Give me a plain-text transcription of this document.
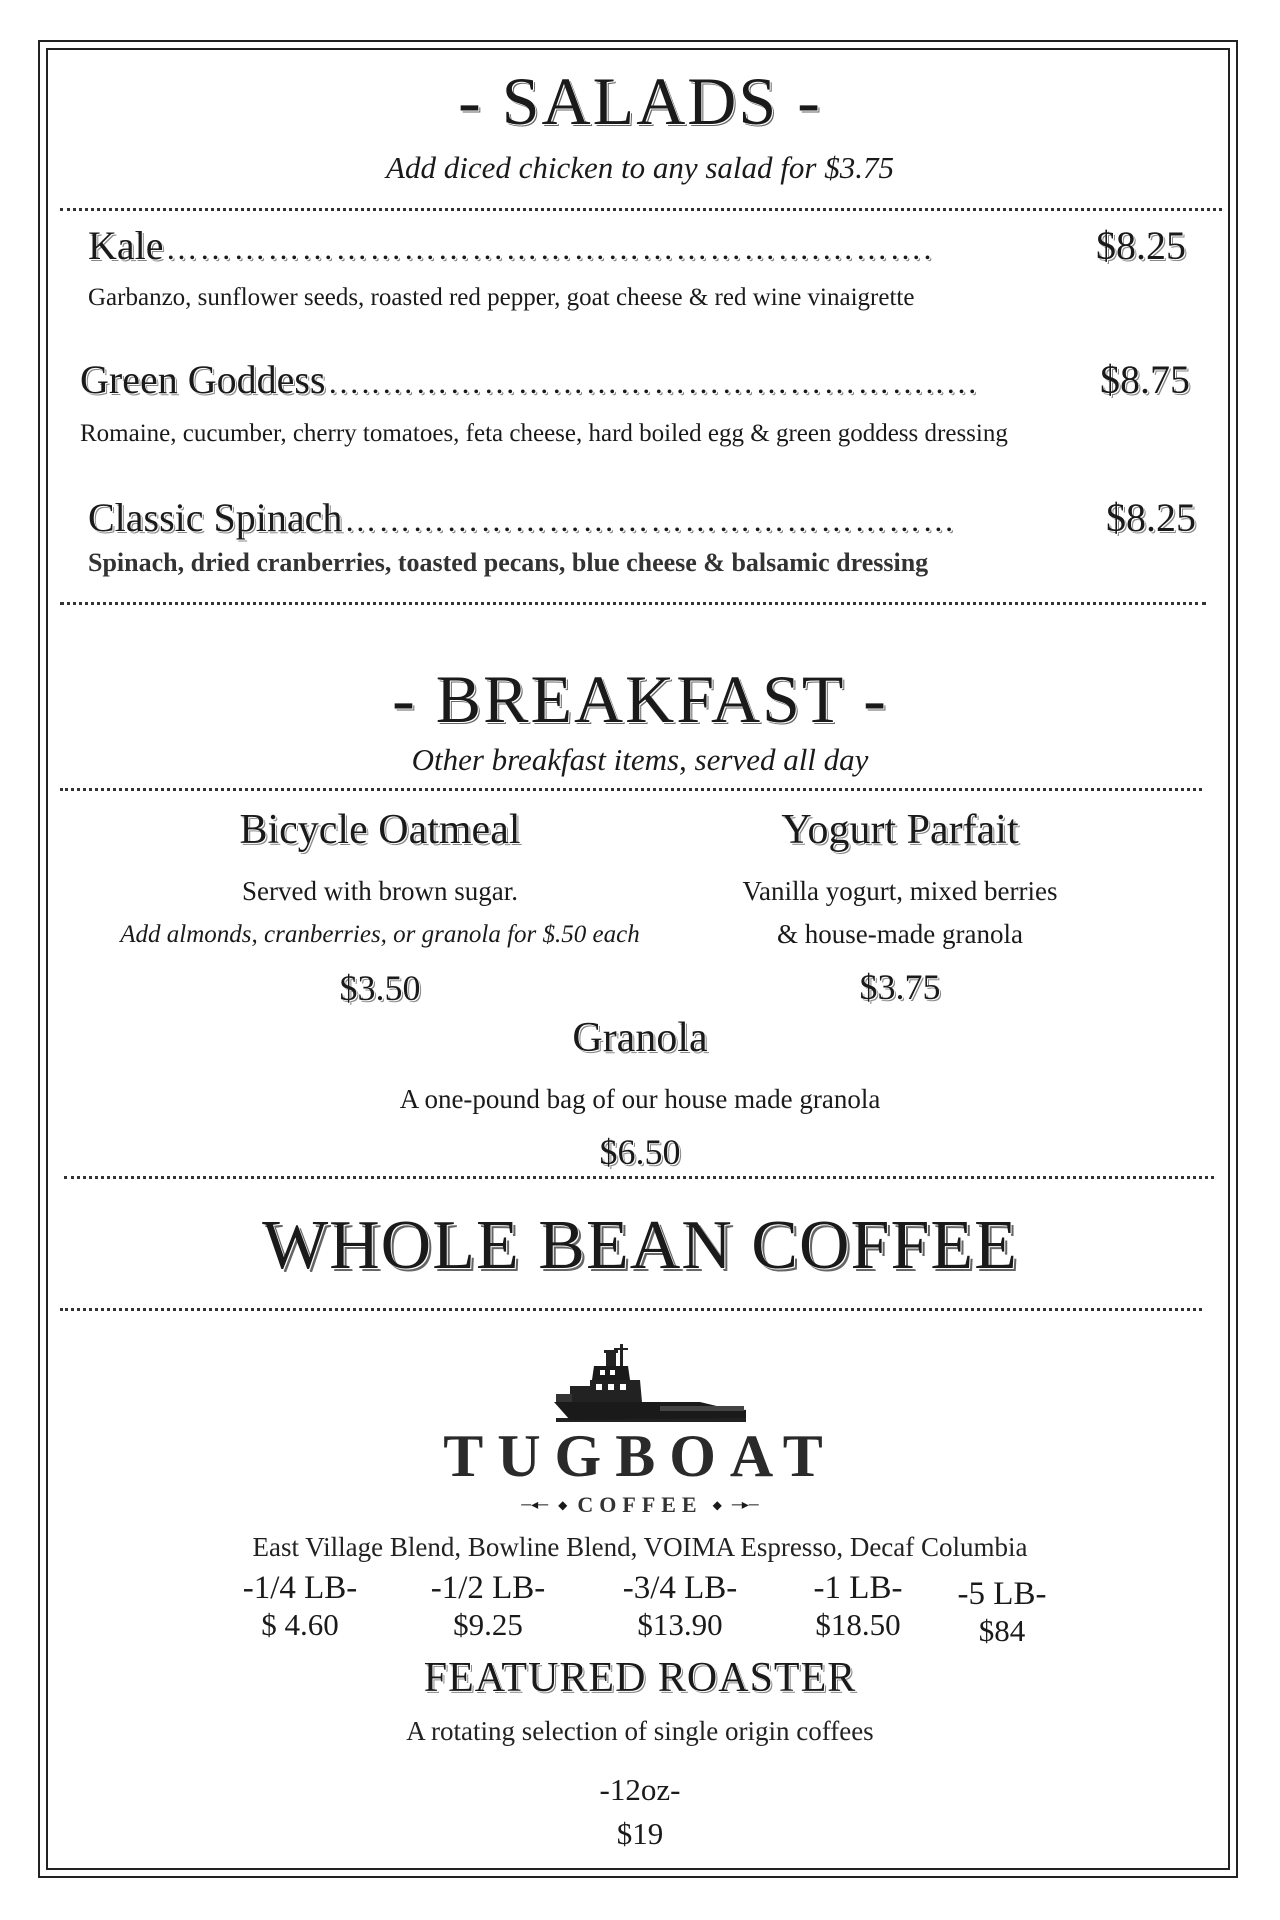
- SALADS -
Add diced chicken to any salad for $3.75
Kale ………………………………………………….……….	$8.25
Garbanzo, sunflower seeds, roasted red pepper, goat cheese & red wine vinaigrette
Green Goddess …..…………………………………………..…	$8.75
Romaine, cucumber, cherry tomatoes, feta cheese, hard boiled egg & green goddess dressing
Classic Spinach ………………………………………………	$8.25
Spinach, dried cranberries, toasted pecans, blue cheese & balsamic dressing
- BREAKFAST -
Other breakfast items, served all day
Bicycle Oatmeal
Served with brown sugar.
Add almonds, cranberries, or granola for $.50 each
$3.50
Yogurt Parfait
Vanilla yogurt, mixed berries
& house-made granola
$3.75
Granola
A one-pound bag of our house made granola
$6.50
WHOLE BEAN COFFEE
TUGBOAT
─◂─ ◆ COFFEE ◆ ─▸─
East Village Blend, Bowline Blend, VOIMA Espresso, Decaf Columbia
-1/4 LB-
$ 4.60
-1/2 LB-
$9.25
-3/4 LB-
$13.90
-1 LB-
$18.50
-5 LB-
$84
FEATURED ROASTER
A rotating selection of single origin coffees
-12oz-
$19
